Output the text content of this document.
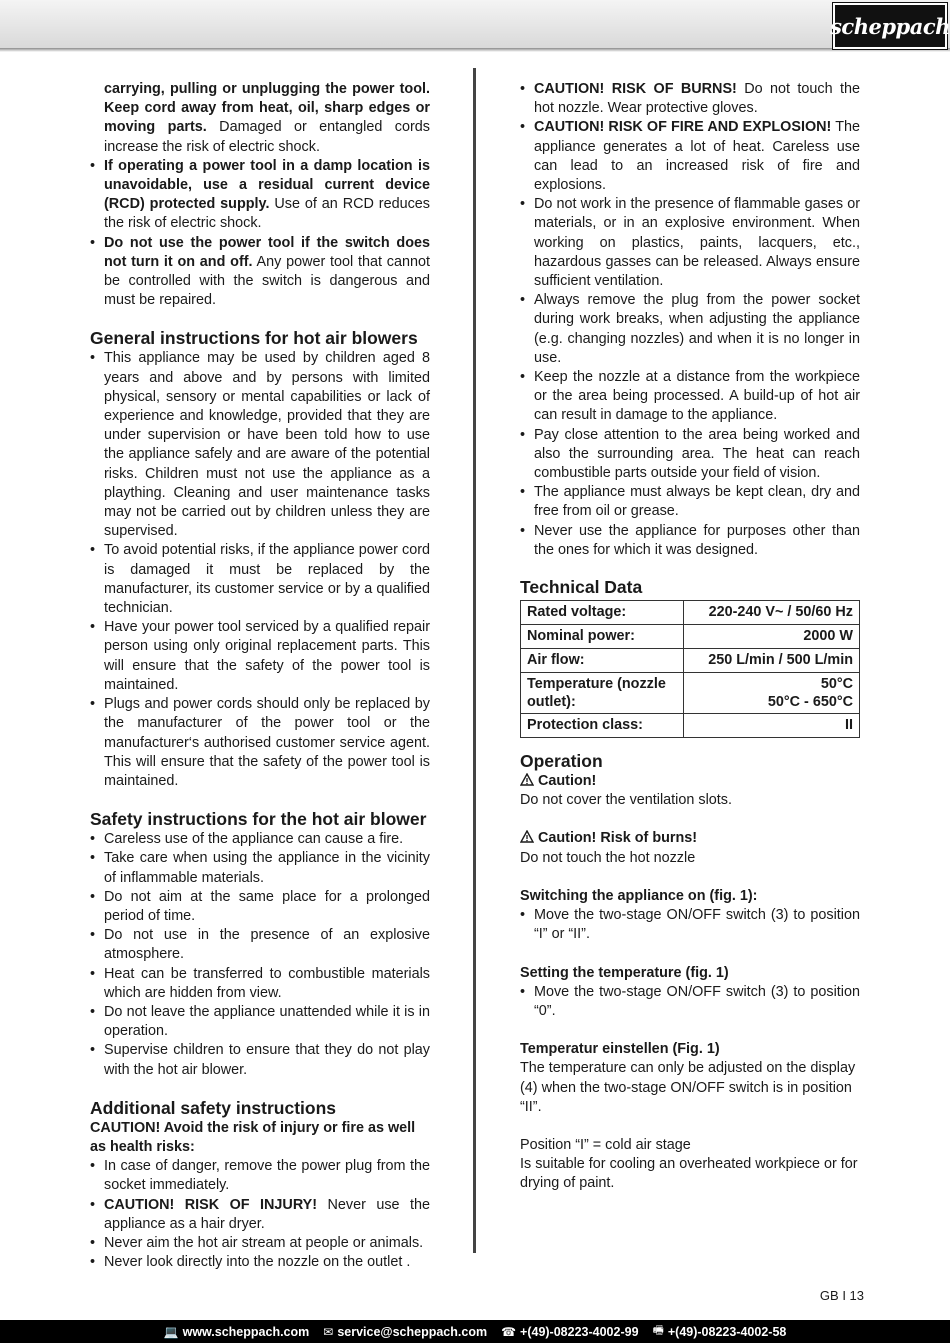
scheppach

carrying, pulling or unplugging the power tool. Keep cord away from heat, oil, sharp edges or moving parts. Damaged or entangled cords increase the risk of electric shock.

• If operating a power tool in a damp location is unavoidable, use a residual current device (RCD) protected supply. Use of an RCD reduces the risk of electric shock.
• Do not use the power tool if the switch does not turn it on and off. Any power tool that cannot be controlled with the switch is dangerous and must be repaired.
General instructions for hot air blowers
• This appliance may be used by children aged 8 years and above and by persons with limited physical, sensory or mental capabilities or lack of experience and knowledge, provided that they are under supervision or have been told how to use the appliance safely and are aware of the potential risks. Children must not use the appliance as a plaything. Cleaning and user maintenance tasks may not be carried out by children unless they are supervised.
• To avoid potential risks, if the appliance power cord is damaged it must be replaced by the manufacturer, its customer service or by a qualified technician.
• Have your power tool serviced by a qualified repair person using only original replacement parts. This will ensure that the safety of the power tool is maintained.
• Plugs and power cords should only be replaced by the manufacturer of the power tool or the manufacturer‘s authorised customer service agent. This will ensure that the safety of the power tool is maintained.
Safety instructions for the hot air blower
• Careless use of the appliance can cause a fire.
• Take care when using the appliance in the vicinity of inflammable materials.
• Do not aim at the same place for a prolonged period of time.
• Do not use in the presence of an explosive atmosphere.
• Heat can be transferred to combustible materials which are hidden from view.
• Do not leave the appliance unattended while it is in operation.
• Supervise children to ensure that they do not play with the hot air blower.
Additional safety instructions

CAUTION! Avoid the risk of injury or fire as well as health risks:

• In case of danger, remove the power plug from the socket immediately.
• CAUTION! RISK OF INJURY! Never use the appliance as a hair dryer.
• Never aim the hot air stream at people or animals.
• Never look directly into the nozzle on the outlet .
• CAUTION! RISK OF BURNS! Do not touch the hot nozzle. Wear protective gloves.
• CAUTION! RISK OF FIRE AND EXPLOSION! The appliance generates a lot of heat. Careless use can lead to an increased risk of fire and explosions.
• Do not work in the presence of flammable gases or materials, or in an explosive environment. When working on plastics, paints, lacquers, etc., hazardous gasses can be released. Always ensure sufficient ventilation.
• Always remove the plug from the power socket during work breaks, when adjusting the appliance (e.g. changing nozzles) and when it is no longer in use.
• Keep the nozzle at a distance from the workpiece or the area being processed. A build-up of hot air can result in damage to the appliance.
• Pay close attention to the area being worked and also the surrounding area. The heat can reach combustible parts outside your field of vision.
• The appliance must always be kept clean, dry and free from oil or grease.
• Never use the appliance for purposes other than the ones for which it was designed.
Technical Data
Rated voltage:	220-240 V~ / 50/60 Hz
Nominal power:	2000 W
Air flow:	250 L/min / 500 L/min
Temperature (nozzle outlet):	50°C
50°C - 650°C
Protection class:	II
Operation

Caution!

Do not cover the ventilation slots.

Caution! Risk of burns!

Do not touch the hot nozzle

Switching the appliance on (fig. 1):

• Move the two-stage ON/OFF switch (3) to position “I” or “II”.

Setting the temperature (fig. 1)

• Move the two-stage ON/OFF switch (3) to position “0”.

Temperatur einstellen (Fig. 1)

The temperature can only be adjusted on the display (4) when the two-stage ON/OFF switch is in position “II”.

Position “I” = cold air stage

Is suitable for cooling an overheated workpiece or for drying of paint.

GB I 13
💻 www.scheppach.com ✉ service@scheppach.com ☎ +(49)-08223-4002-99 🖷 +(49)-08223-4002-58
